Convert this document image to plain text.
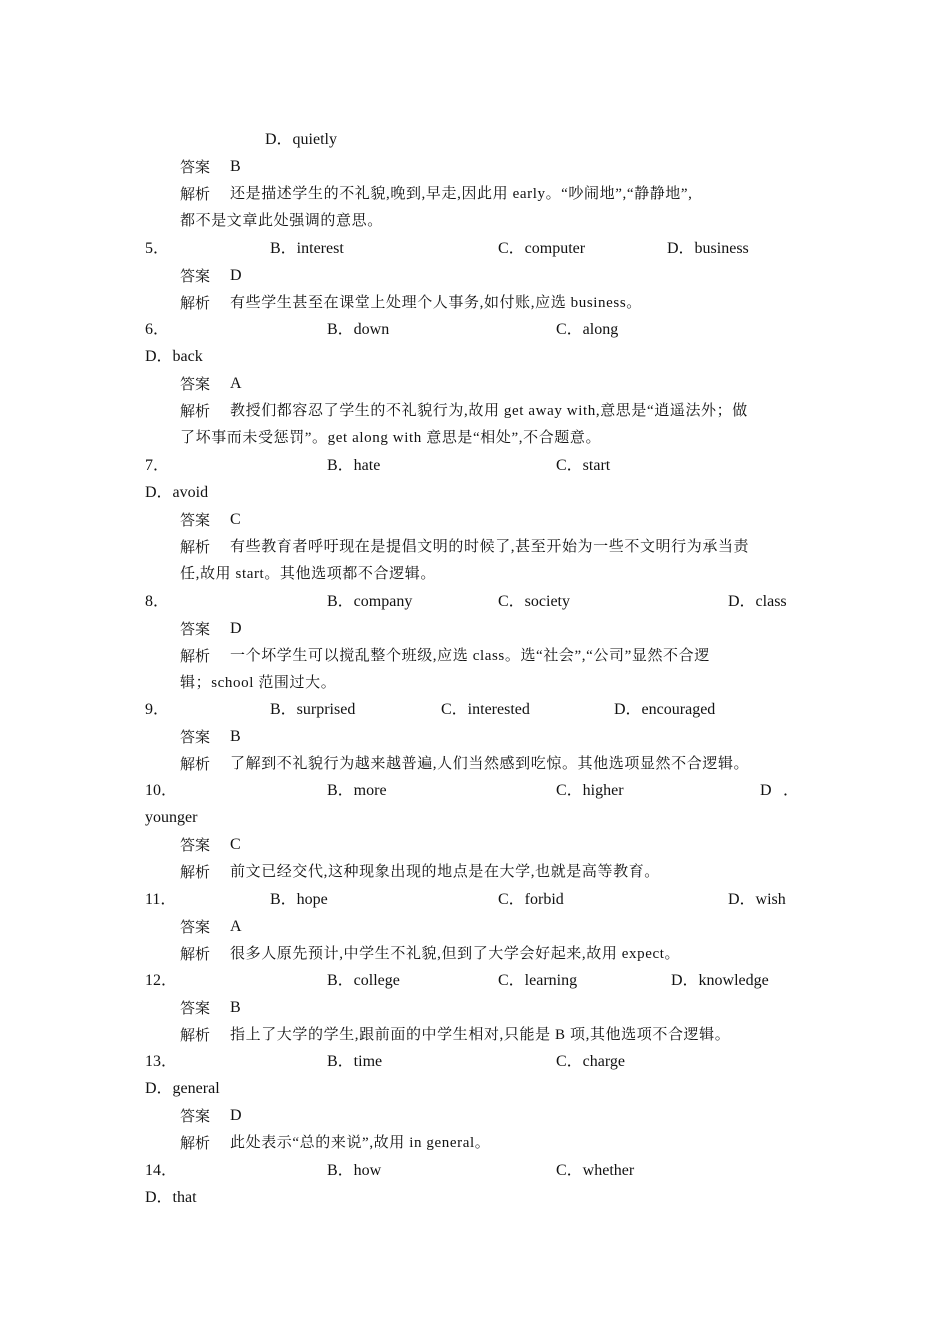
D．quietly
答案	B
解析	还是描述学生的不礼貌,晚到,早走,因此用 early。“吵闹地”,“静静地”,
都不是文章此处强调的意思。
5．	B．interest	C．computer	D．business
答案	D
解析	有些学生甚至在课堂上处理个人事务,如付账,应选 business。
6．	B．down	C．along
D．back
答案	A
解析	教授们都容忍了学生的不礼貌行为,故用 get away with,意思是“逍遥法外；做
了坏事而未受惩罚”。get along with 意思是“相处”,不合题意。
7．	B．hate	C．start
D．avoid
答案	C
解析	有些教育者呼吁现在是提倡文明的时候了,甚至开始为一些不文明行为承当责
任,故用 start。其他选项都不合逻辑。
8．	B．company	C．society	D．class
答案	D
解析	一个坏学生可以搅乱整个班级,应选 class。选“社会”,“公司”显然不合逻
辑；school 范围过大。
9．	B．surprised	C．interested	D．encouraged
答案	B
解析	了解到不礼貌行为越来越普遍,人们当然感到吃惊。其他选项显然不合逻辑。
10．	B．more	C．higher	D ．
younger
答案	C
解析	前文已经交代,这种现象出现的地点是在大学,也就是高等教育。
11．	B．hope	C．forbid	D．wish
答案	A
解析	很多人原先预计,中学生不礼貌,但到了大学会好起来,故用 expect。
12．	B．college	C．learning	D．knowledge
答案	B
解析	指上了大学的学生,跟前面的中学生相对,只能是 B 项,其他选项不合逻辑。
13．	B．time	C．charge
D．general
答案	D
解析	此处表示“总的来说”,故用 in general。
14．	B．how	C．whether
D．that
